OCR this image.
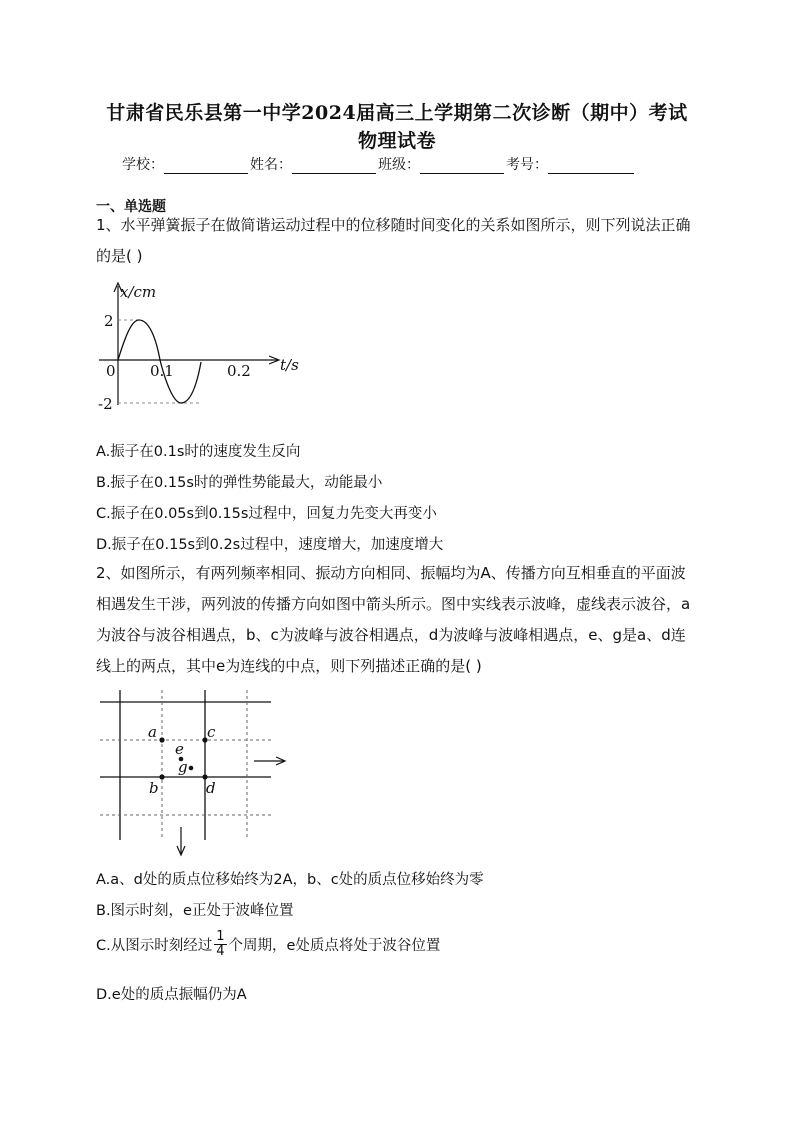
甘肃省民乐县第一中学2024届高三上学期第二次诊断（期中）考试
物理试卷
学校：	姓名：	班级：	考号：
一、单选题
1、水平弹簧振子在做简谐运动过程中的位移随时间变化的关系如图所示，则下列说法正确的是( )
x/cm
t/s
0 0.1	0.2
2
-2
A.振子在0.1s时的速度发生反向
B.振子在0.15s时的弹性势能最大，动能最小
C.振子在0.05s到0.15s过程中，回复力先变大再变小
D.振子在0.15s到0.2s过程中，速度增大，加速度增大
2、如图所示，有两列频率相同、振动方向相同、振幅均为A、传播方向互相垂直的平面波相遇发生干涉，两列波的传播方向如图中箭头所示。图中实线表示波峰，虚线表示波谷，a为波谷与波谷相遇点，b、c为波峰与波谷相遇点，d为波峰与波峰相遇点，e、g是a、d连线上的两点，其中e为连线的中点，则下列描述正确的是( )
a	c
b	d
e
g
A.a、d处的质点位移始终为2A，b、c处的质点位移始终为零
B.图示时刻，e正处于波峰位置
C.从图示时刻经过 $\frac{1}{4}$ 个周期，e处质点将处于波谷位置
D.e处的质点振幅仍为A
